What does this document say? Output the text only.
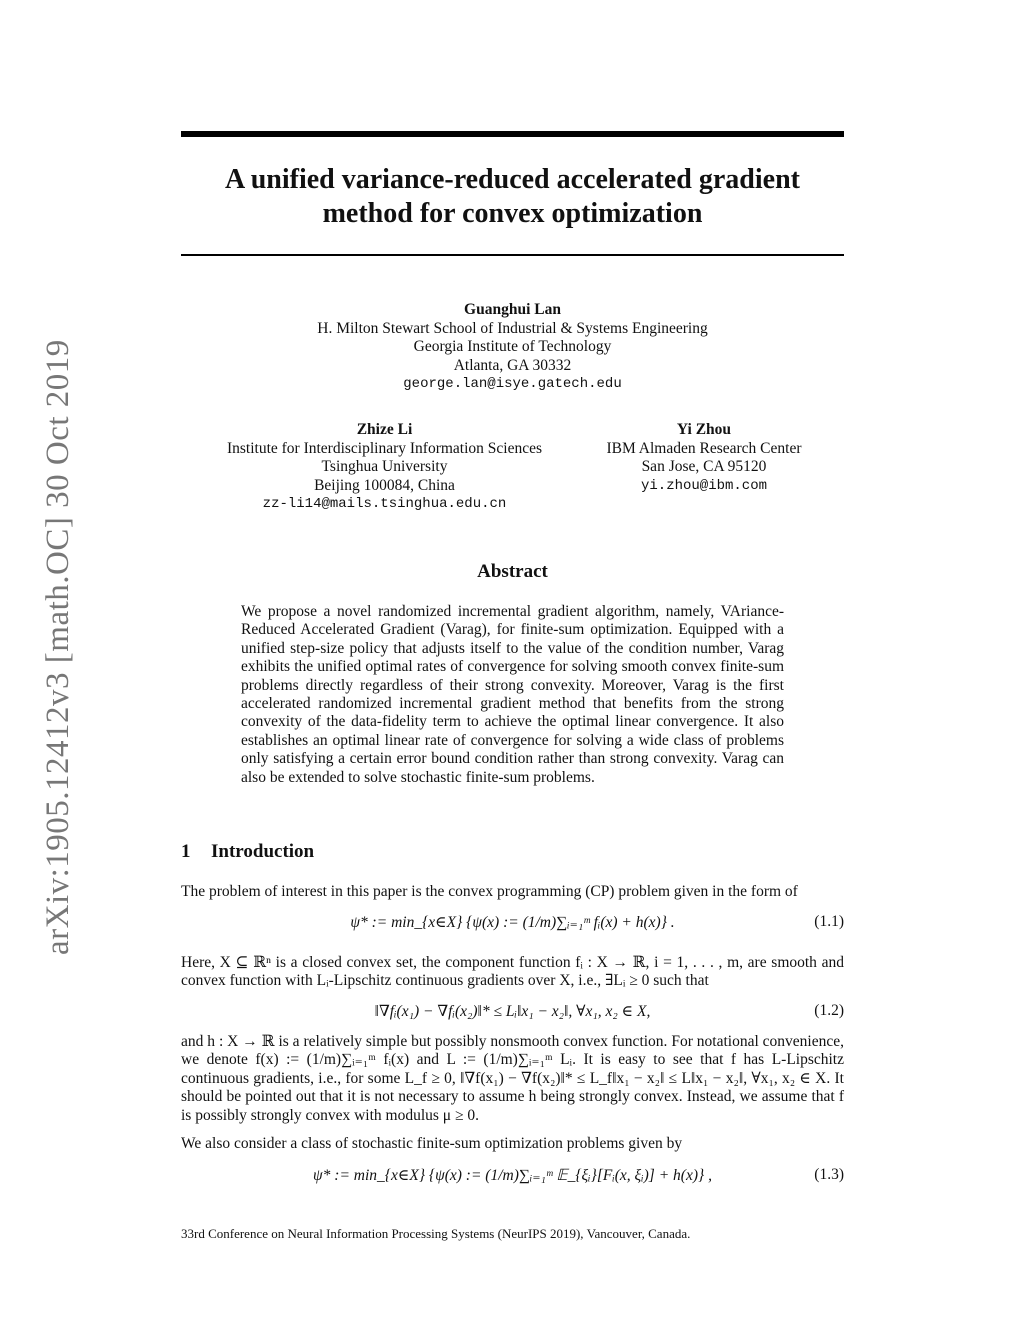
arXiv:1905.12412v3 [math.OC] 30 Oct 2019
A unified variance-reduced accelerated gradient method for convex optimization
Guanghui Lan
H. Milton Stewart School of Industrial & Systems Engineering
Georgia Institute of Technology
Atlanta, GA 30332
george.lan@isye.gatech.edu
Zhize Li
Institute for Interdisciplinary Information Sciences
Tsinghua University
Beijing 100084, China
zz-li14@mails.tsinghua.edu.cn
Yi Zhou
IBM Almaden Research Center
San Jose, CA 95120
yi.zhou@ibm.com
Abstract

We propose a novel randomized incremental gradient algorithm, namely, VAriance-Reduced Accelerated Gradient (Varag), for finite-sum optimization. Equipped with a unified step-size policy that adjusts itself to the value of the condition number, Varag exhibits the unified optimal rates of convergence for solving smooth convex finite-sum problems directly regardless of their strong convexity. Moreover, Varag is the first accelerated randomized incremental gradient method that benefits from the strong convexity of the data-fidelity term to achieve the optimal linear convergence. It also establishes an optimal linear rate of convergence for solving a wide class of problems only satisfying a certain error bound condition rather than strong convexity. Varag can also be extended to solve stochastic finite-sum problems.

1 Introduction
The problem of interest in this paper is the convex programming (CP) problem given in the form of
ψ* := min_{x∈X} {ψ(x) := (1/m)∑ᵢ₌₁ᵐ fᵢ(x) + h(x)} .	(1.1)
Here, X ⊆ ℝⁿ is a closed convex set, the component function fᵢ : X → ℝ, i = 1, . . . , m, are smooth and convex function with Lᵢ-Lipschitz continuous gradients over X, i.e., ∃Lᵢ ≥ 0 such that
‖∇fᵢ(x₁) − ∇fᵢ(x₂)‖* ≤ Lᵢ‖x₁ − x₂‖, ∀x₁, x₂ ∈ X,	(1.2)
and h : X → ℝ is a relatively simple but possibly nonsmooth convex function. For notational convenience, we denote f(x) := (1/m)∑ᵢ₌₁ᵐ fᵢ(x) and L := (1/m)∑ᵢ₌₁ᵐ Lᵢ. It is easy to see that f has L-Lipschitz continuous gradients, i.e., for some L_f ≥ 0, ‖∇f(x₁) − ∇f(x₂)‖* ≤ L_f‖x₁ − x₂‖ ≤ L‖x₁ − x₂‖, ∀x₁, x₂ ∈ X. It should be pointed out that it is not necessary to assume h being strongly convex. Instead, we assume that f is possibly strongly convex with modulus μ ≥ 0.
We also consider a class of stochastic finite-sum optimization problems given by
ψ* := min_{x∈X} {ψ(x) := (1/m)∑ᵢ₌₁ᵐ 𝔼_{ξᵢ}[Fᵢ(x, ξᵢ)] + h(x)} ,	(1.3)
33rd Conference on Neural Information Processing Systems (NeurIPS 2019), Vancouver, Canada.
